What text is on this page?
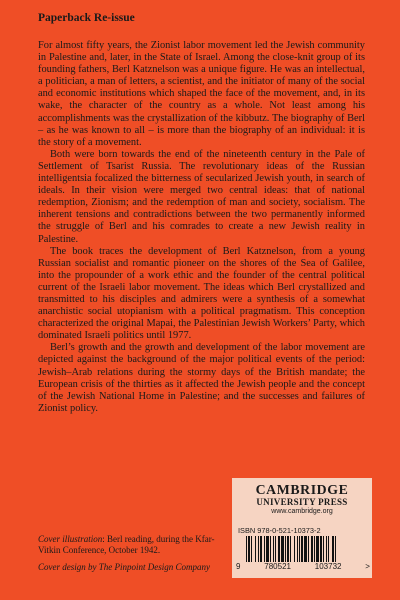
Paperback Re-issue

For almost fifty years, the Zionist labor movement led the Jewish community in Palestine and, later, in the State of Israel. Among the close-knit group of its founding fathers, Berl Katznelson was a unique figure. He was an intellectual, a politician, a man of letters, a scientist, and the initiator of many of the social and economic institutions which shaped the face of the movement, and, in its wake, the character of the country as a whole. Not least among his accomplishments was the crystallization of the kibbutz. The biography of Berl – as he was known to all – is more than the biography of an individual: it is the story of a movement.

Both were born towards the end of the nineteenth century in the Pale of Settlement of Tsarist Russia. The revolutionary ideas of the Russian intelligentsia focalized the bitterness of secularized Jewish youth, in search of ideals. In their vision were merged two central ideas: that of national redemption, Zionism; and the redemption of man and society, socialism. The inherent tensions and contradictions between the two permanently informed the struggle of Berl and his comrades to create a new Jewish reality in Palestine.

The book traces the development of Berl Katznelson, from a young Russian socialist and romantic pioneer on the shores of the Sea of Galilee, into the propounder of a work ethic and the founder of the central political current of the Israeli labor movement. The ideas which Berl crystallized and transmitted to his disciples and admirers were a synthesis of a somewhat anarchistic social utopianism with a political pragmatism. This conception characterized the original Mapai, the Palestinian Jewish Workers’ Party, which dominated Israeli politics until 1977.

Berl’s growth and the growth and development of the labor movement are depicted against the background of the major political events of the period: Jewish–Arab relations during the stormy days of the British mandate; the European crisis of the thirties as it affected the Jewish people and the concept of the Jewish National Home in Palestine; and the successes and failures of Zionist policy.

Cover illustration: Berl reading, during the Kfar-Vitkin Conference, October 1942.
Cover design by The Pinpoint Design Company
CAMBRIDGE
UNIVERSITY PRESS
www.cambridge.org
ISBN 978-0-521-10373-2
9	780521	103732	>
